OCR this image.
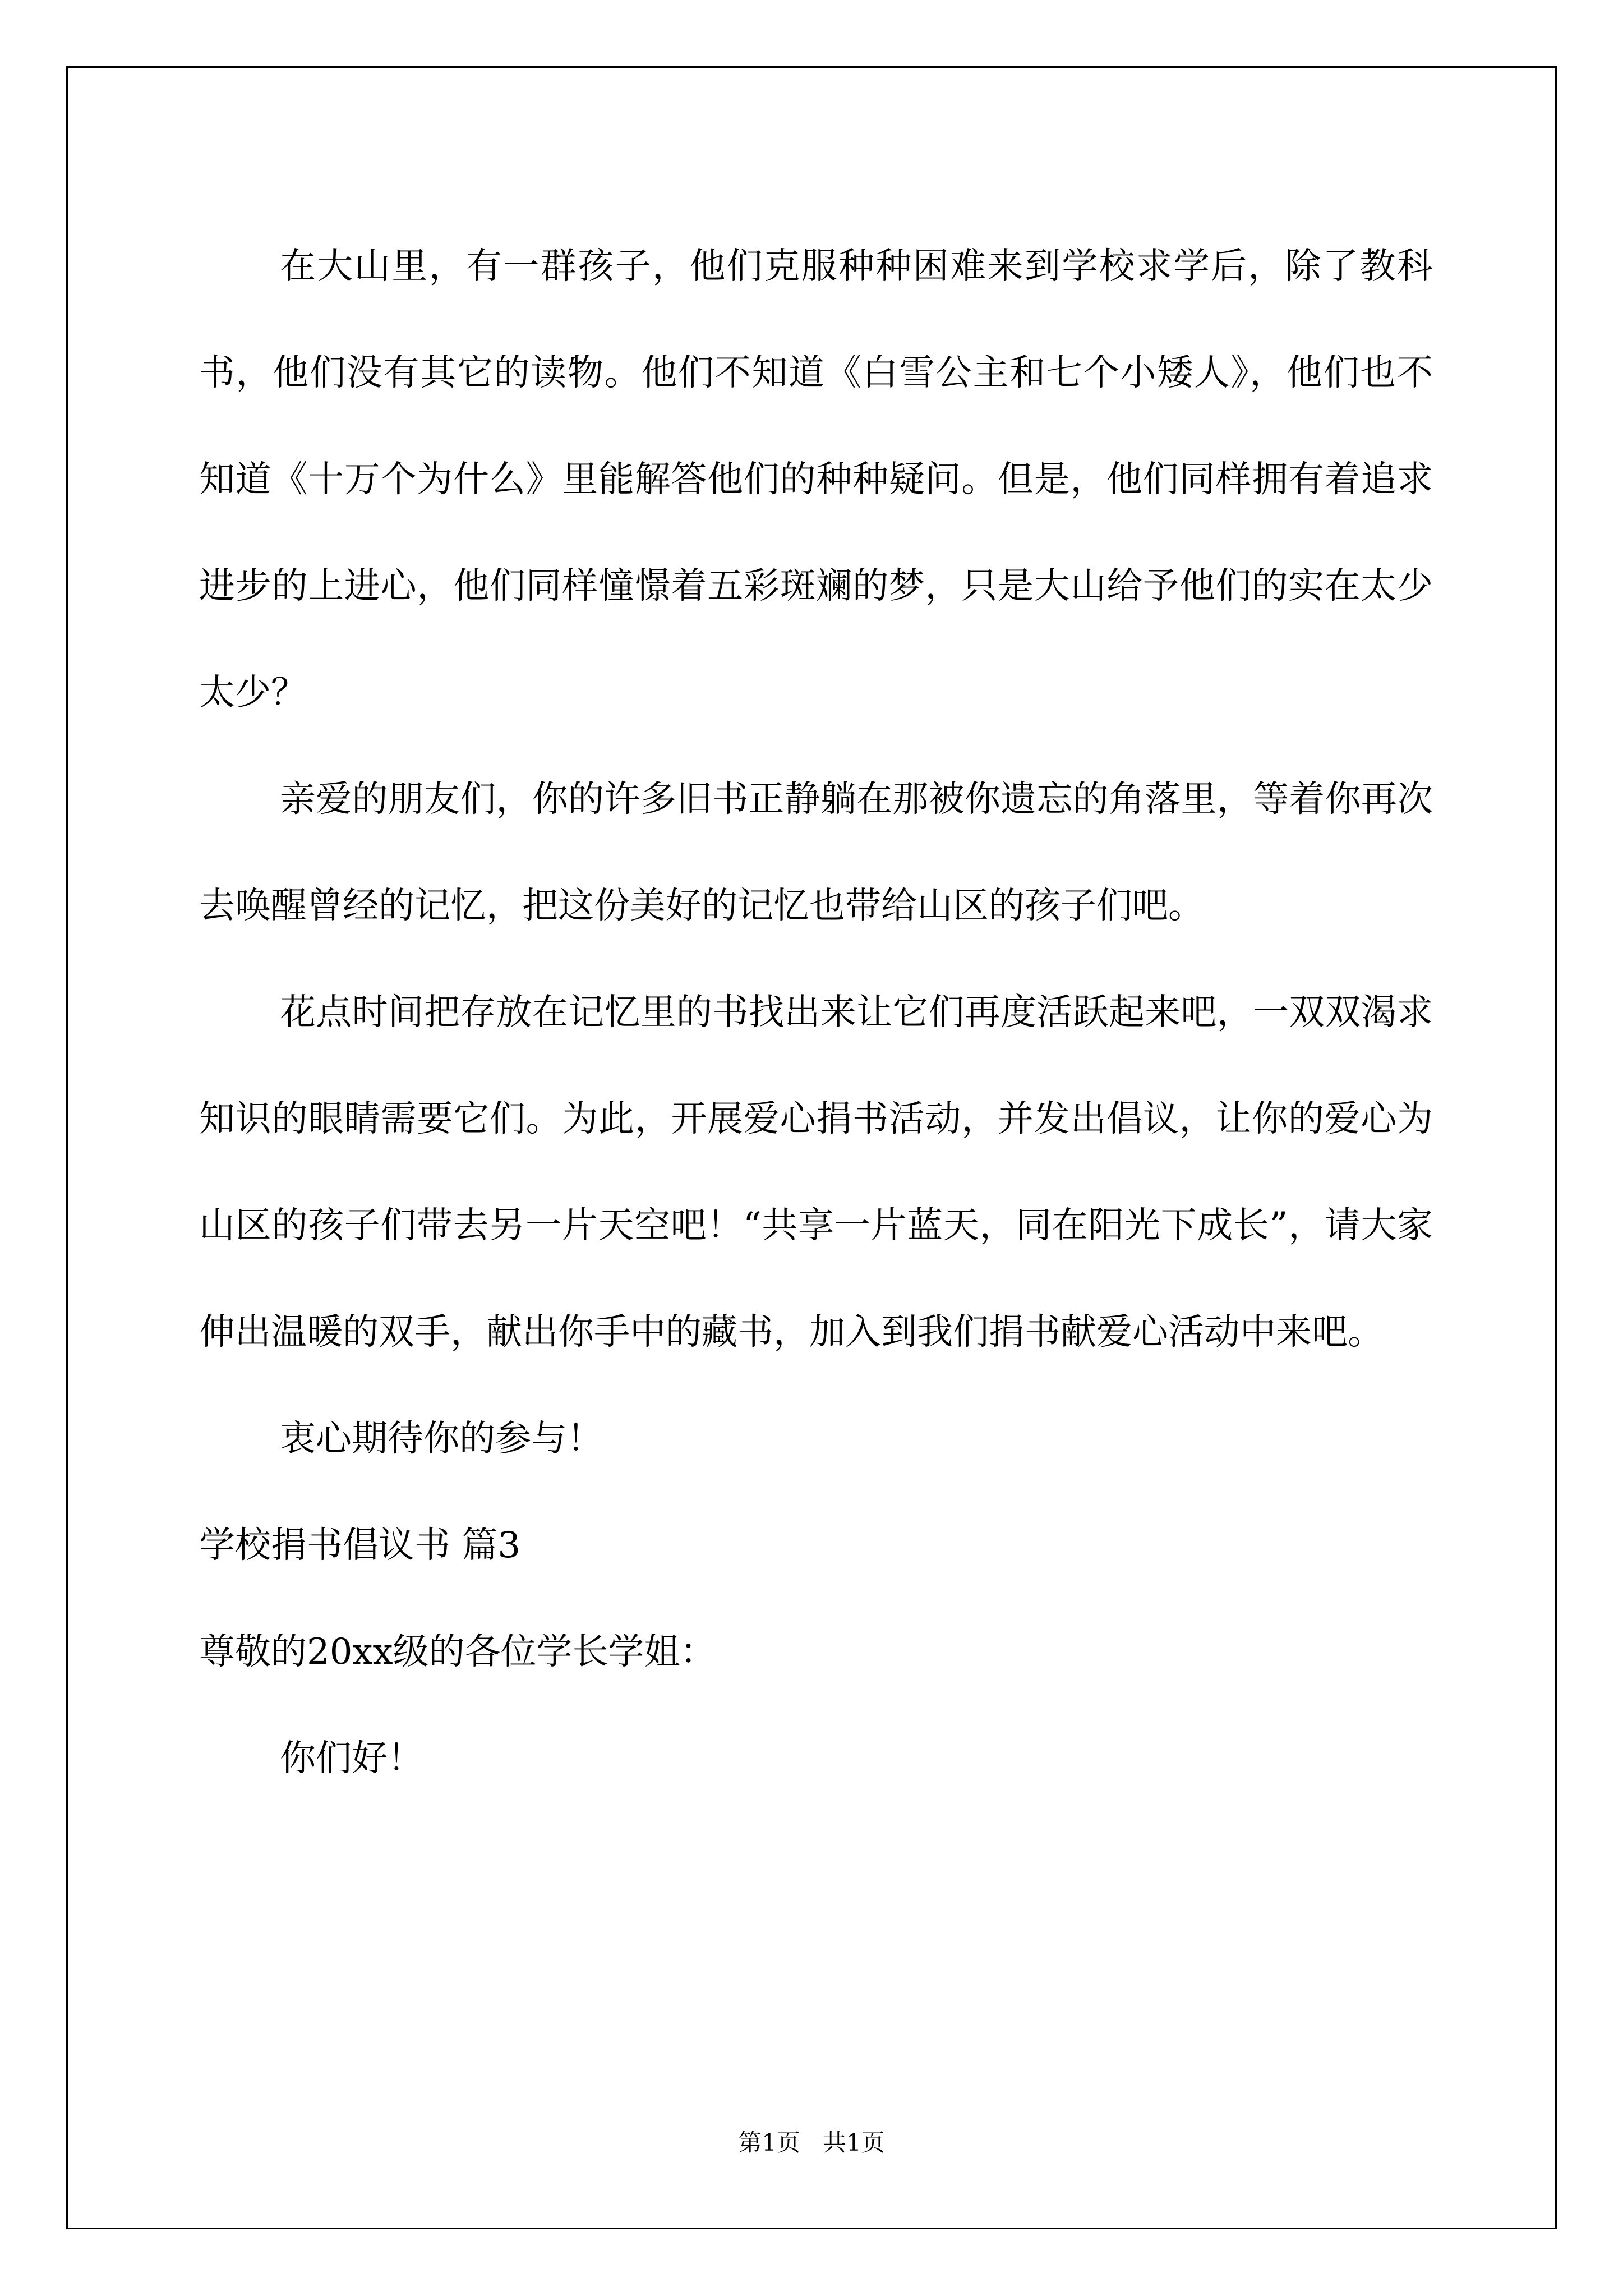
在大山里，有一群孩子，他们克服种种困难来到学校求学后，除了教科书，他们没有其它的读物。他们不知道《白雪公主和七个小矮人》，他们也不知道《十万个为什么》里能解答他们的种种疑问。但是，他们同样拥有着追求进步的上进心，他们同样憧憬着五彩斑斓的梦，只是大山给予他们的实在太少太少？

亲爱的朋友们，你的许多旧书正静躺在那被你遗忘的角落里，等着你再次去唤醒曾经的记忆，把这份美好的记忆也带给山区的孩子们吧。

花点时间把存放在记忆里的书找出来让它们再度活跃起来吧，一双双渴求知识的眼睛需要它们。为此，开展爱心捐书活动，并发出倡议，让你的爱心为山区的孩子们带去另一片天空吧！“共享一片蓝天，同在阳光下成长”，请大家伸出温暖的双手，献出你手中的藏书，加入到我们捐书献爱心活动中来吧。

衷心期待你的参与！

学校捐书倡议书 篇3

尊敬的20xx级的各位学长学姐：

你们好！

第1页   共1页
